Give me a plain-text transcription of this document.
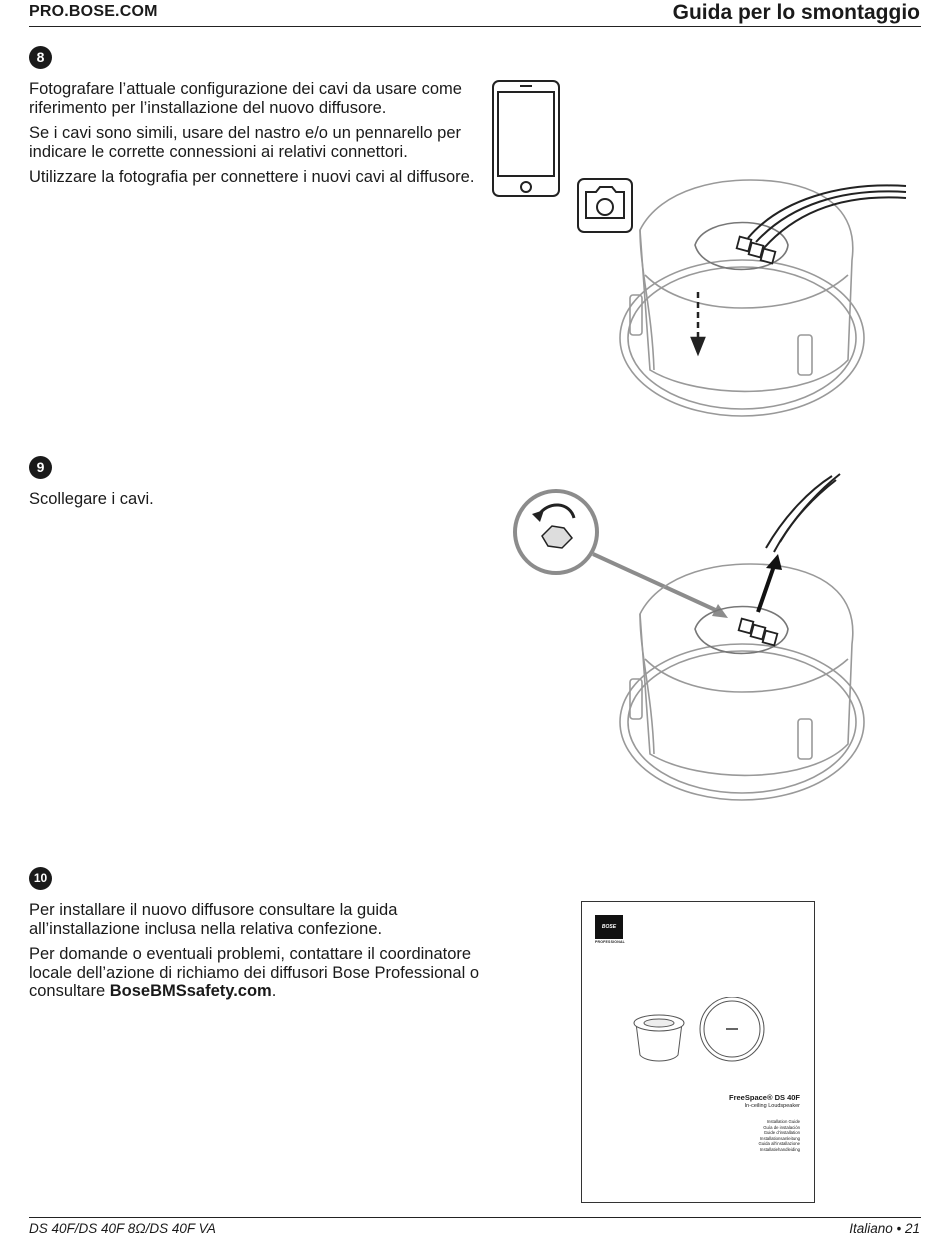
PRO.BOSE.COM	Guida per lo smontaggio
8

Fotografare l’attuale configurazione dei cavi da usare come riferimento per l’installazione del nuovo diffusore.

Se i cavi sono simili, usare del nastro e/o un pennarello per indicare le corrette connessioni ai relativi connettori.

Utilizzare la fotografia per connettere i nuovi cavi al diffusore.

9

Scollegare i cavi.

10

Per installare il nuovo diffusore consultare la guida all’installazione inclusa nella relativa confezione.

Per domande o eventuali problemi, contattare il coordinatore locale dell’azione di richiamo dei diffusori Bose Professional o consultare BoseBMSsafety.com.

BOSE
PROFESSIONAL
FreeSpace® DS 40F
In-ceiling Loudspeaker
Installation Guide
Guía de instalación
Guide d’installation
Installationsanleitung
Guida all’installazione
Installatiehandleiding
DS 40F/DS 40F 8Ω/DS 40F VA	Italiano • 21
